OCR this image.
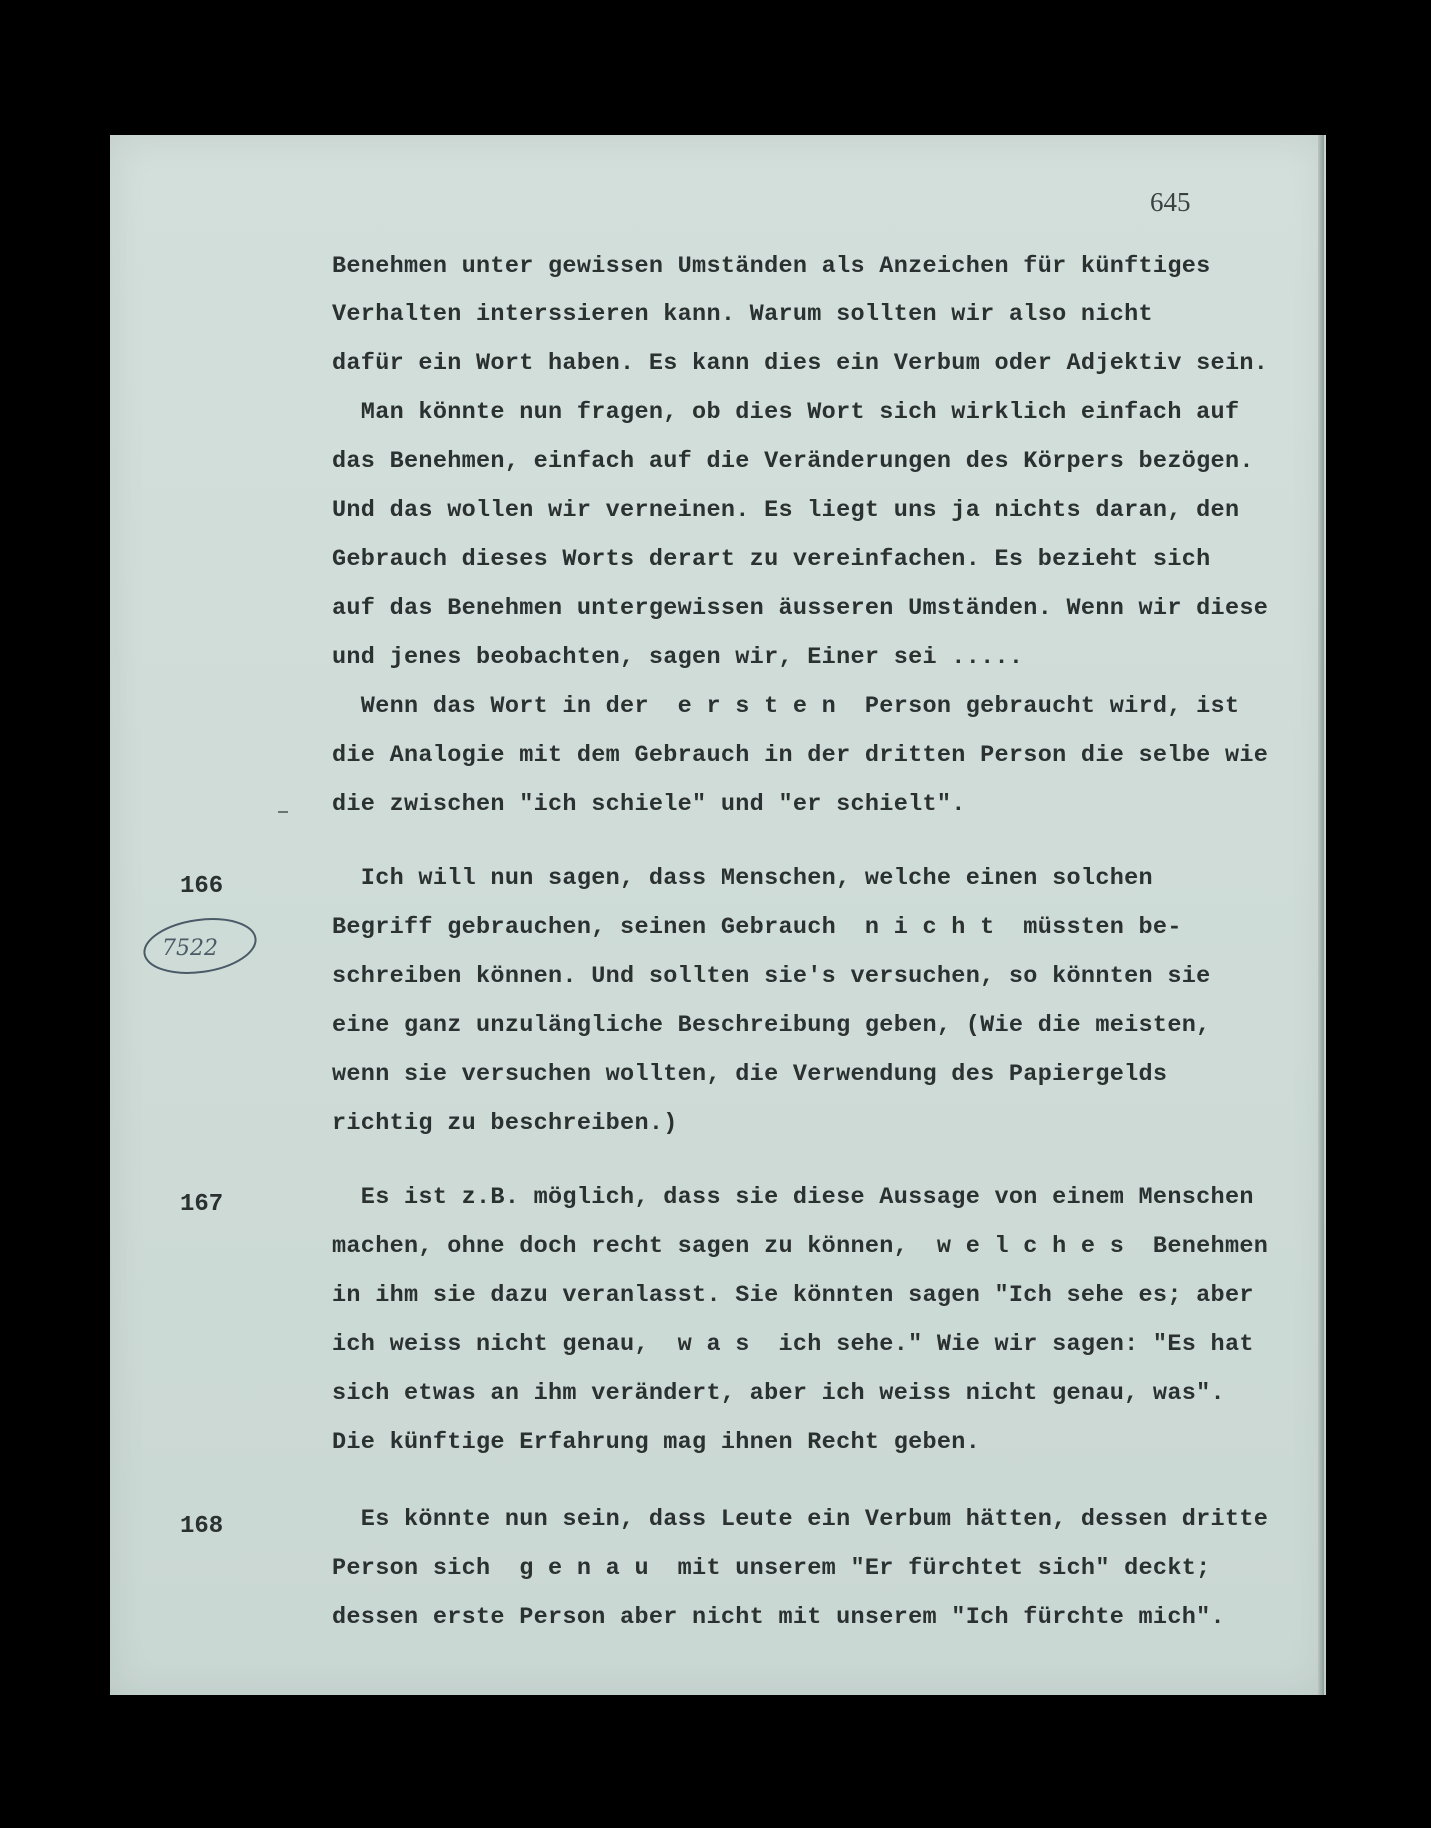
645
166
7522
167
168
Benehmen unter gewissen Umständen als Anzeichen für künftiges
Verhalten interssieren kann. Warum sollten wir also nicht
dafür ein Wort haben. Es kann dies ein Verbum oder Adjektiv sein.
Man könnte nun fragen, ob dies Wort sich wirklich einfach auf
das Benehmen, einfach auf die Veränderungen des Körpers bezögen.
Und das wollen wir verneinen. Es liegt uns ja nichts daran, den
Gebrauch dieses Worts derart zu vereinfachen. Es bezieht sich
auf das Benehmen untergewissen äusseren Umständen. Wenn wir diese
und jenes beobachten, sagen wir, Einer sei .....
Wenn das Wort in der  e r s t e n  Person gebraucht wird, ist
die Analogie mit dem Gebrauch in der dritten Person die selbe wie
die zwischen "ich schiele" und "er schielt".
Ich will nun sagen, dass Menschen, welche einen solchen
Begriff gebrauchen, seinen Gebrauch  n i c h t  müssten be-
schreiben können. Und sollten sie's versuchen, so könnten sie
eine ganz unzulängliche Beschreibung geben, (Wie die meisten,
wenn sie versuchen wollten, die Verwendung des Papiergelds
richtig zu beschreiben.)
Es ist z.B. möglich, dass sie diese Aussage von einem Menschen
machen, ohne doch recht sagen zu können,  w e l c h e s  Benehmen
in ihm sie dazu veranlasst. Sie könnten sagen "Ich sehe es; aber
ich weiss nicht genau,  w a s  ich sehe." Wie wir sagen: "Es hat
sich etwas an ihm verändert, aber ich weiss nicht genau, was".
Die künftige Erfahrung mag ihnen Recht geben.
Es könnte nun sein, dass Leute ein Verbum hätten, dessen dritte
Person sich  g e n a u  mit unserem "Er fürchtet sich" deckt;
dessen erste Person aber nicht mit unserem "Ich fürchte mich".
